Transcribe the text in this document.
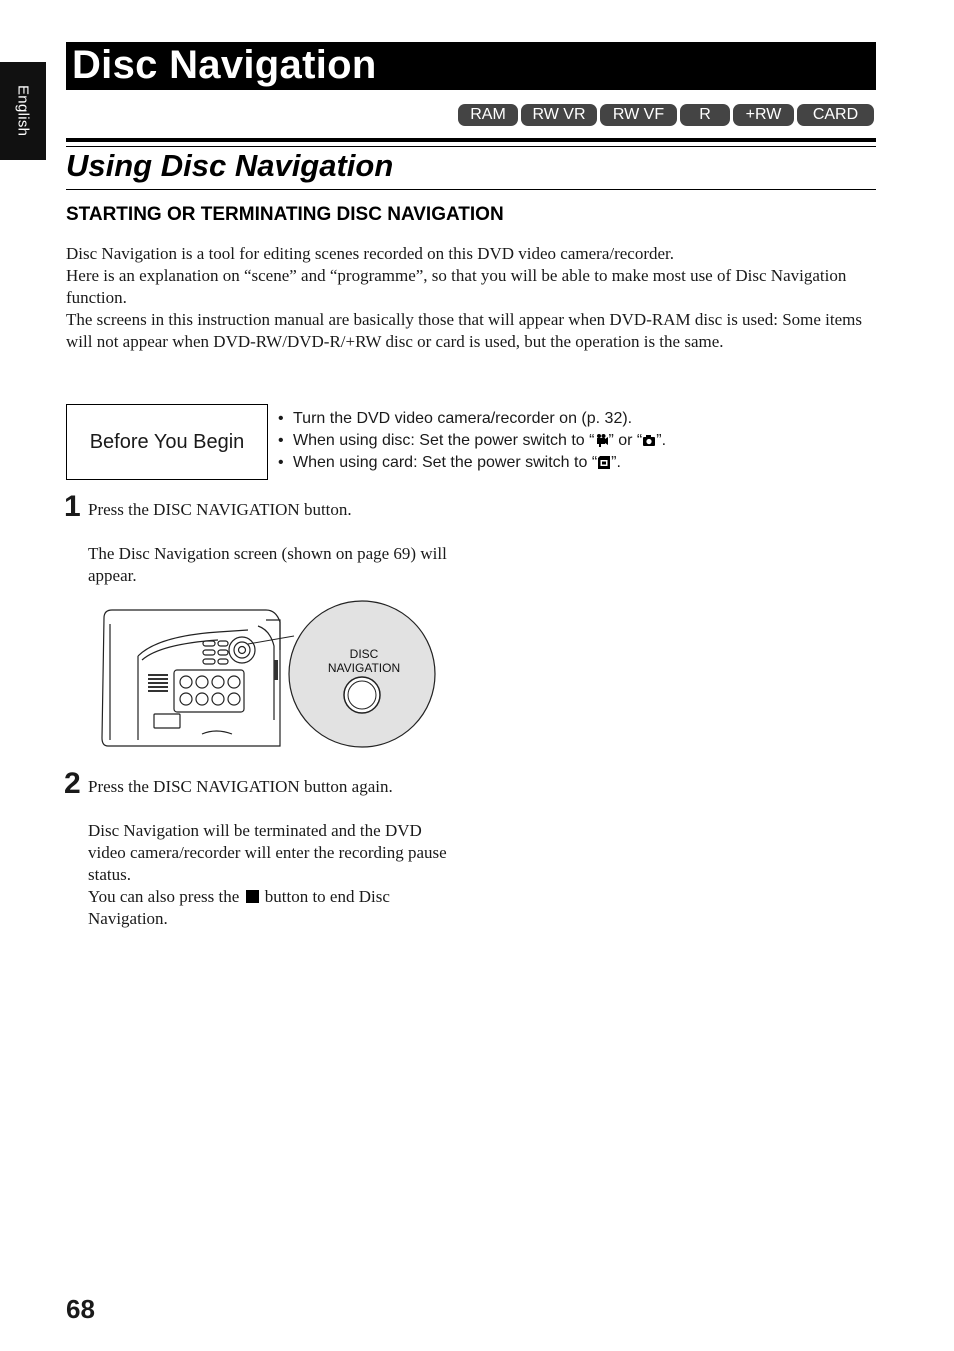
English
Disc Navigation
RAM	RW VR	RW VF	R	+RW	CARD
Using Disc Navigation
STARTING OR TERMINATING DISC NAVIGATION

Disc Navigation is a tool for editing scenes recorded on this DVD video camera/recorder.

Here is an explanation on “scene” and “programme”, so that you will be able to make most use of Disc Navigation function.

The screens in this instruction manual are basically those that will appear when DVD-RAM disc is used: Some items will not appear when DVD-RW/DVD-R/+RW disc or card is used, but the operation is the same.

Before You Begin
• Turn the DVD video camera/recorder on (p. 32).
• When using disc: Set the power switch to “ ” or “ ”.
• When using card: Set the power switch to “ ”.
1 Press the DISC NAVIGATION button.

The Disc Navigation screen (shown on page 69) will appear.

DISC
NAVIGATION
2 Press the DISC NAVIGATION button again.

Disc Navigation will be terminated and the DVD video camera/recorder will enter the recording pause status.

You can also press the button to end Disc Navigation.

68
